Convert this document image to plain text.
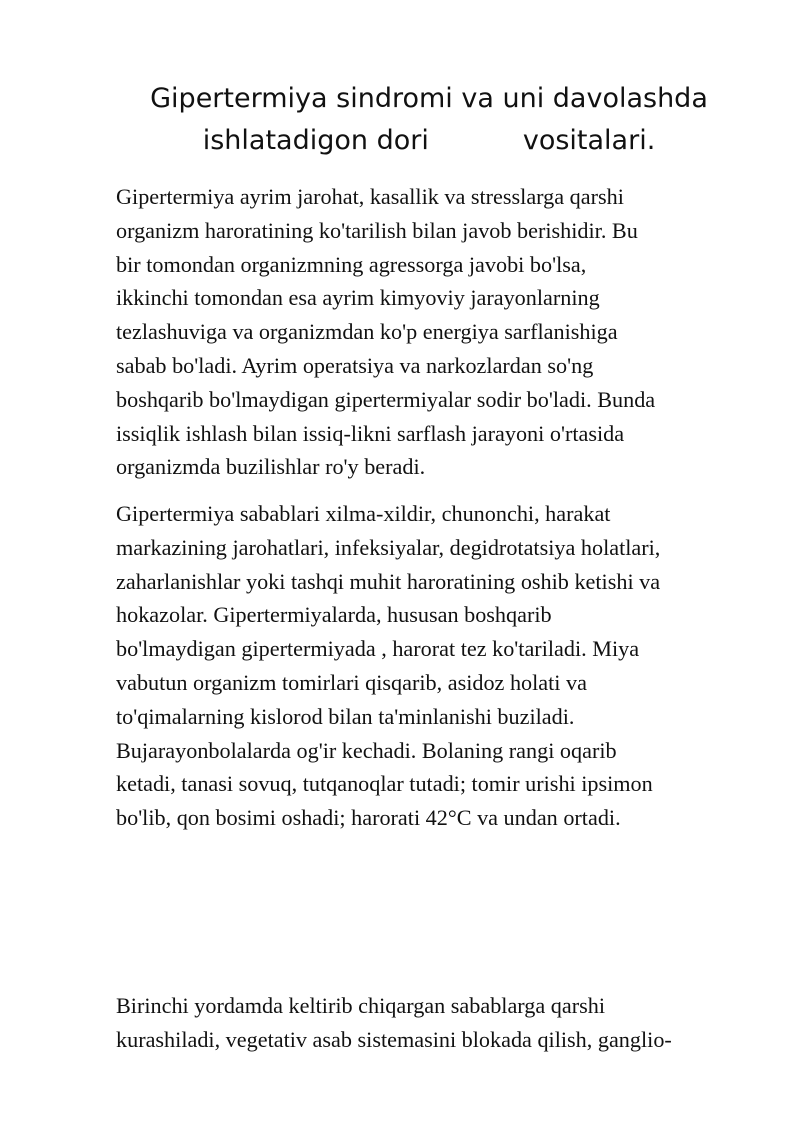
Gipertermiya sindromi va uni davolashda
ishlatadigon dori	vositalari.
Gipertermiya ayrim jarohat, kasallik va stresslarga qarshi
organizm haroratining ko'tarilish bilan javob berishidir. Bu
bir tomondan organizmning agressorga javobi bo'lsa,
ikkinchi tomondan esa ayrim kimyoviy jarayonlarning
tezlashuviga va organizmdan ko'p energiya sarflanishiga
sabab bo'ladi. Ayrim operatsiya va narkozlardan so'ng
boshqarib bo'lmaydigan gipertermiyalar sodir bo'ladi. Bunda
issiqlik ishlash bilan issiq-likni sarflash jarayoni o'rtasida
organizmda buzilishlar ro'y beradi.
Gipertermiya sabablari xilma-xildir, chunonchi, harakat
markazining jarohatlari, infeksiyalar, degidrotatsiya holatlari,
zaharlanishlar yoki tashqi muhit haroratining oshib ketishi va
hokazolar. Gipertermiyalarda, hususan boshqarib
bo'lmaydigan gipertermiyada , harorat tez ko'tariladi. Miya
vabutun organizm tomirlari qisqarib, asidoz holati va
to'qimalarning kislorod bilan ta'minlanishi buziladi.
Bujarayonbolalarda og'ir kechadi. Bolaning rangi oqarib
ketadi, tanasi sovuq, tutqanoqlar tutadi; tomir urishi ipsimon
bo'lib, qon bosimi oshadi; harorati 42°C va undan ortadi.
Birinchi yordamda keltirib chiqargan sabablarga qarshi
kurashiladi, vegetativ asab sistemasini blokada qilish, ganglio-
